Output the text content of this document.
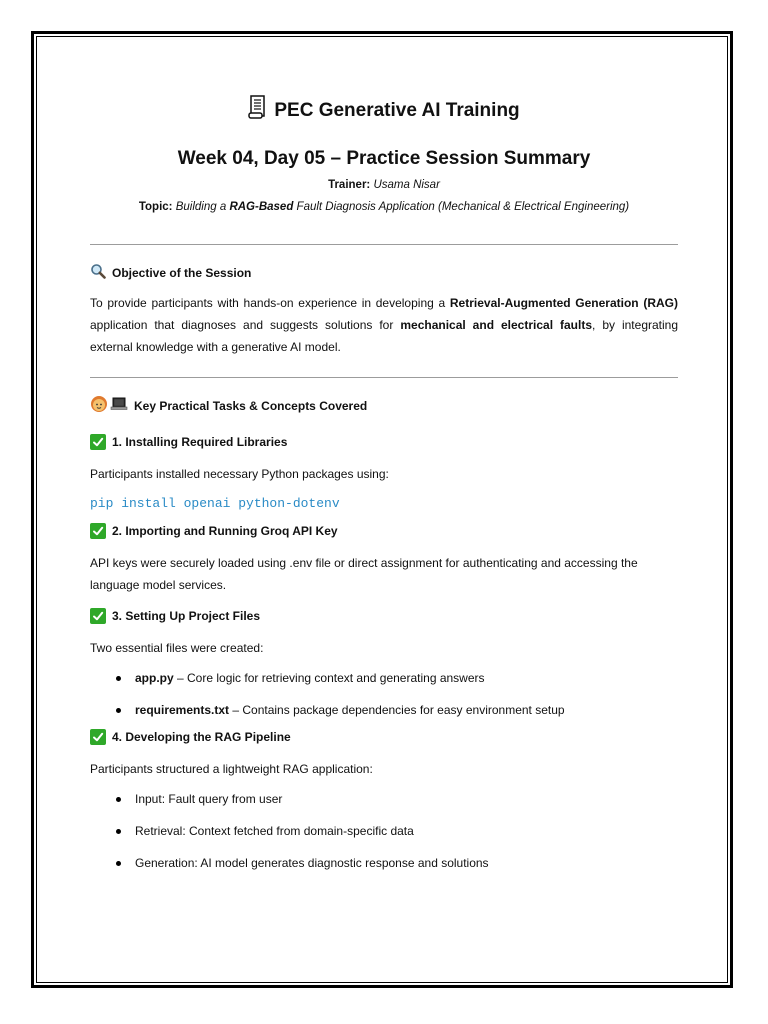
PEC Generative AI Training
Week 04, Day 05 – Practice Session Summary
Trainer: Usama Nisar
Topic: Building a RAG-Based Fault Diagnosis Application (Mechanical & Electrical Engineering)
Objective of the Session
To provide participants with hands-on experience in developing a Retrieval-Augmented Generation (RAG) application that diagnoses and suggests solutions for mechanical and electrical faults, by integrating external knowledge with a generative AI model.
Key Practical Tasks & Concepts Covered
1. Installing Required Libraries
Participants installed necessary Python packages using:
pip install openai python-dotenv
2. Importing and Running Groq API Key
API keys were securely loaded using .env file or direct assignment for authenticating and accessing the language model services.
3. Setting Up Project Files
Two essential files were created:
app.py – Core logic for retrieving context and generating answers
requirements.txt – Contains package dependencies for easy environment setup
4. Developing the RAG Pipeline
Participants structured a lightweight RAG application:
Input: Fault query from user
Retrieval: Context fetched from domain-specific data
Generation: AI model generates diagnostic response and solutions
